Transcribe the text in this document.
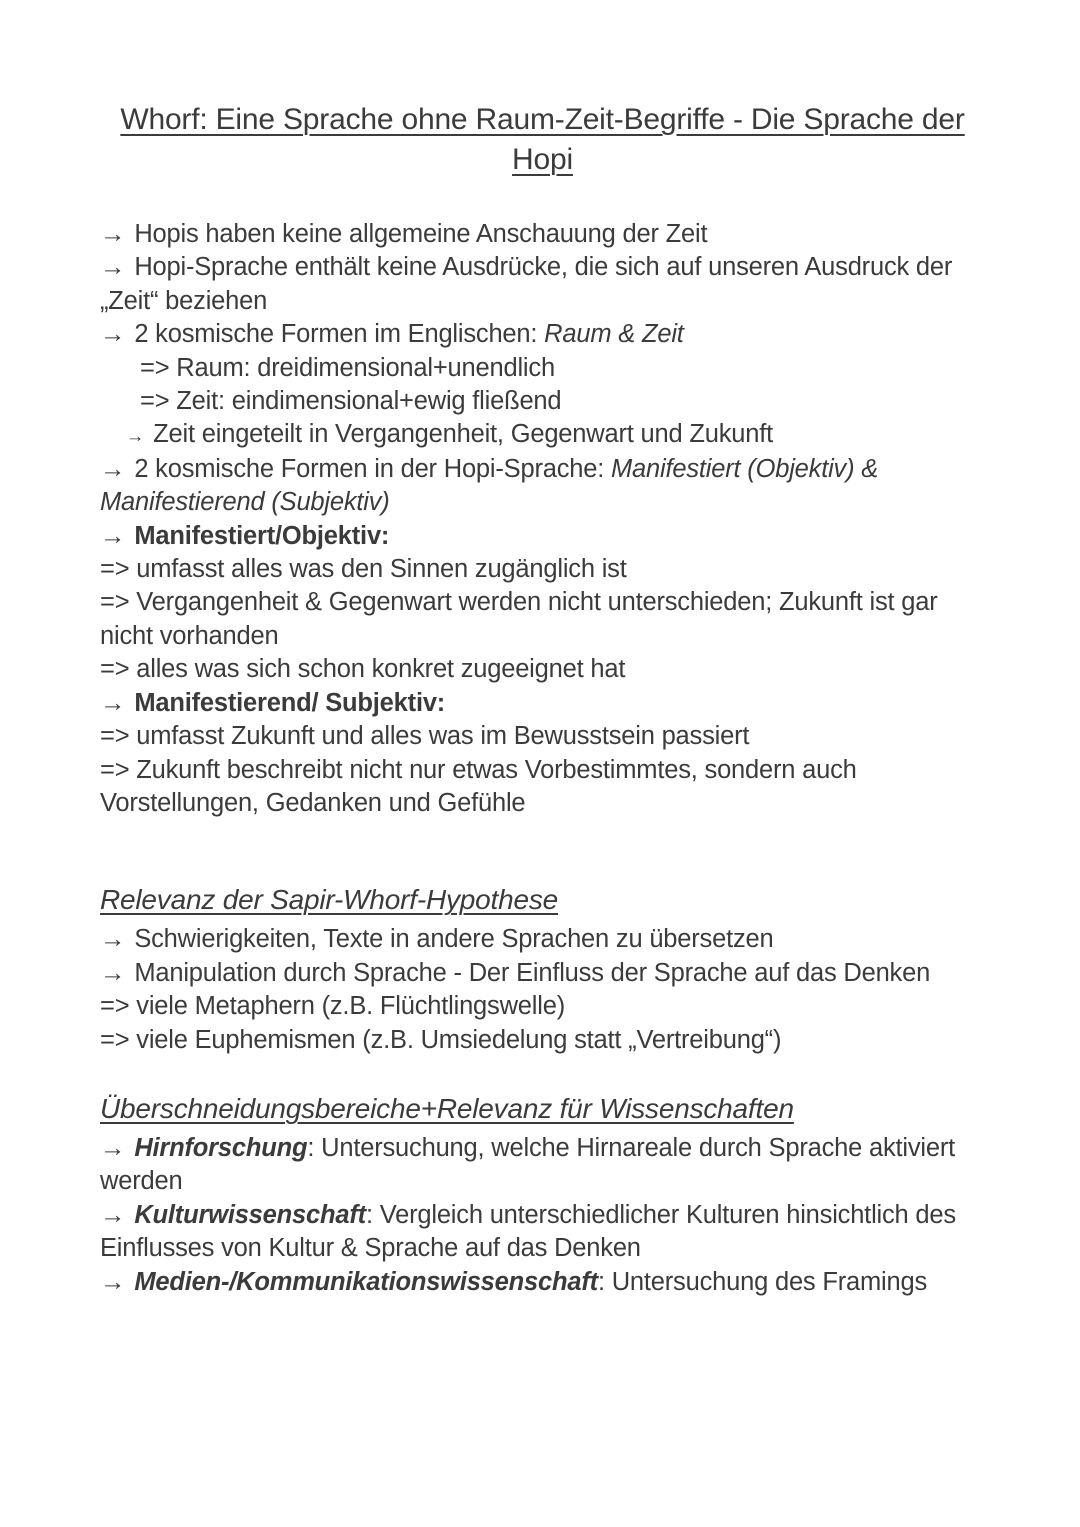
Whorf: Eine Sprache ohne Raum-Zeit-Begriffe - Die Sprache der Hopi
→ Hopis haben keine allgemeine Anschauung der Zeit
→ Hopi-Sprache enthält keine Ausdrücke, die sich auf unseren Ausdruck der „Zeit“ beziehen
→ 2 kosmische Formen im Englischen: Raum & Zeit
=> Raum: dreidimensional+unendlich
=> Zeit: eindimensional+ewig fließend
→ Zeit eingeteilt in Vergangenheit, Gegenwart und Zukunft
→ 2 kosmische Formen in der Hopi-Sprache: Manifestiert (Objektiv) & Manifestierend (Subjektiv)
→ Manifestiert/Objektiv:
=> umfasst alles was den Sinnen zugänglich ist
=> Vergangenheit & Gegenwart werden nicht unterschieden; Zukunft ist gar nicht vorhanden
=> alles was sich schon konkret zugeeignet hat
→ Manifestierend/ Subjektiv:
=> umfasst Zukunft und alles was im Bewusstsein passiert
=> Zukunft beschreibt nicht nur etwas Vorbestimmtes, sondern auch Vorstellungen, Gedanken und Gefühle
Relevanz der Sapir-Whorf-Hypothese
→ Schwierigkeiten, Texte in andere Sprachen zu übersetzen
→ Manipulation durch Sprache - Der Einfluss der Sprache auf das Denken
=> viele Metaphern (z.B. Flüchtlingswelle)
=> viele Euphemismen (z.B. Umsiedelung statt „Vertreibung“)
Überschneidungsbereiche+Relevanz für Wissenschaften
→ Hirnforschung: Untersuchung, welche Hirnareale durch Sprache aktiviert werden
→ Kulturwissenschaft: Vergleich unterschiedlicher Kulturen hinsichtlich des Einflusses von Kultur & Sprache auf das Denken
→ Medien-/Kommunikationswissenschaft: Untersuchung des Framings
